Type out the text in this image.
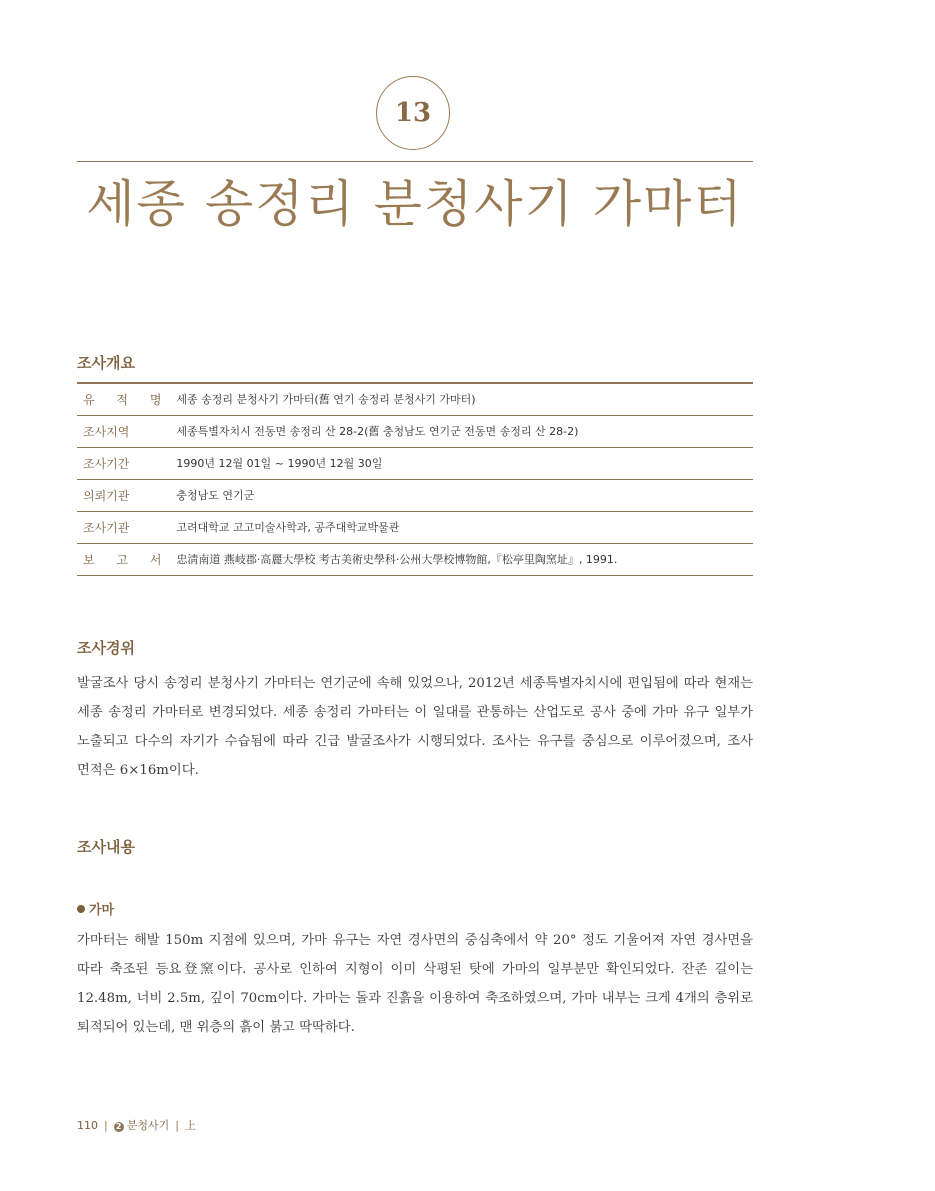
13
세종 송정리 분청사기 가마터
조사개요
유 적 명	세종 송정리 분청사기 가마터(舊 연기 송정리 분청사기 가마터)
조사지역	세종특별자치시 전동면 송정리 산 28-2(舊 충청남도 연기군 전동면 송정리 산 28-2)
조사기간	1990년 12월 01일 ~ 1990년 12월 30일
의뢰기관	충청남도 연기군
조사기관	고려대학교 고고미술사학과, 공주대학교박물관
보 고 서	忠淸南道 燕岐郡·高麗大學校 考古美術史學科·公州大學校博物館,『松亭里陶窯址』, 1991.
조사경위

발굴조사 당시 송정리 분청사기 가마터는 연기군에 속해 있었으나, 2012년 세종특별자치시에 편입됨에 따라 현재는 세종 송정리 가마터로 변경되었다. 세종 송정리 가마터는 이 일대를 관통하는 산업도로 공사 중에 가마 유구 일부가 노출되고 다수의 자기가 수습됨에 따라 긴급 발굴조사가 시행되었다. 조사는 유구를 중심으로 이루어졌으며, 조사 면적은 6×16m이다.

조사내용
가마

가마터는 해발 150m 지점에 있으며, 가마 유구는 자연 경사면의 중심축에서 약 20° 정도 기울어져 자연 경사면을 따라 축조된 등요登窯이다. 공사로 인하여 지형이 이미 삭평된 탓에 가마의 일부분만 확인되었다. 잔존 길이는 12.48m, 너비 2.5m, 깊이 70cm이다. 가마는 돌과 진흙을 이용하여 축조하였으며, 가마 내부는 크게 4개의 층위로 퇴적되어 있는데, 맨 위층의 흙이 붉고 딱딱하다.

110 | 2 분청사기 | 上
